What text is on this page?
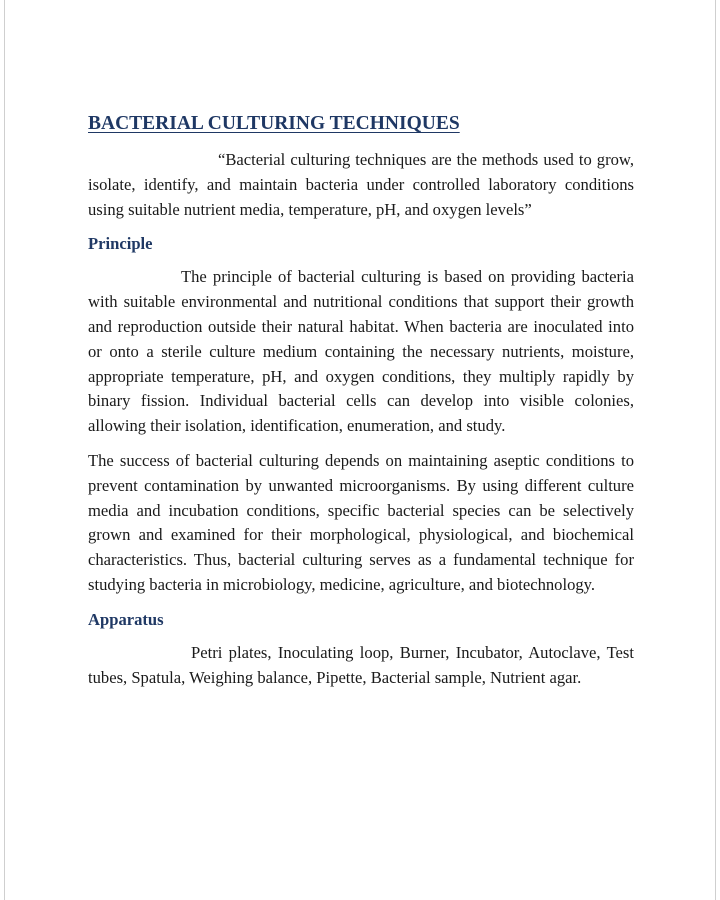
BACTERIAL CULTURING TECHNIQUES

“Bacterial culturing techniques are the methods used to grow, isolate, identify, and maintain bacteria under controlled laboratory conditions using suitable nutrient media, temperature, pH, and oxygen levels”

Principle

The principle of bacterial culturing is based on providing bacteria with suitable environmental and nutritional conditions that support their growth and reproduction outside their natural habitat. When bacteria are inoculated into or onto a sterile culture medium containing the necessary nutrients, moisture, appropriate temperature, pH, and oxygen conditions, they multiply rapidly by binary fission. Individual bacterial cells can develop into visible colonies, allowing their isolation, identification, enumeration, and study.

The success of bacterial culturing depends on maintaining aseptic conditions to prevent contamination by unwanted microorganisms. By using different culture media and incubation conditions, specific bacterial species can be selectively grown and examined for their morphological, physiological, and biochemical characteristics. Thus, bacterial culturing serves as a fundamental technique for studying bacteria in microbiology, medicine, agriculture, and biotechnology.

Apparatus

Petri plates, Inoculating loop, Burner, Incubator, Autoclave, Test tubes, Spatula, Weighing balance, Pipette, Bacterial sample, Nutrient agar.
